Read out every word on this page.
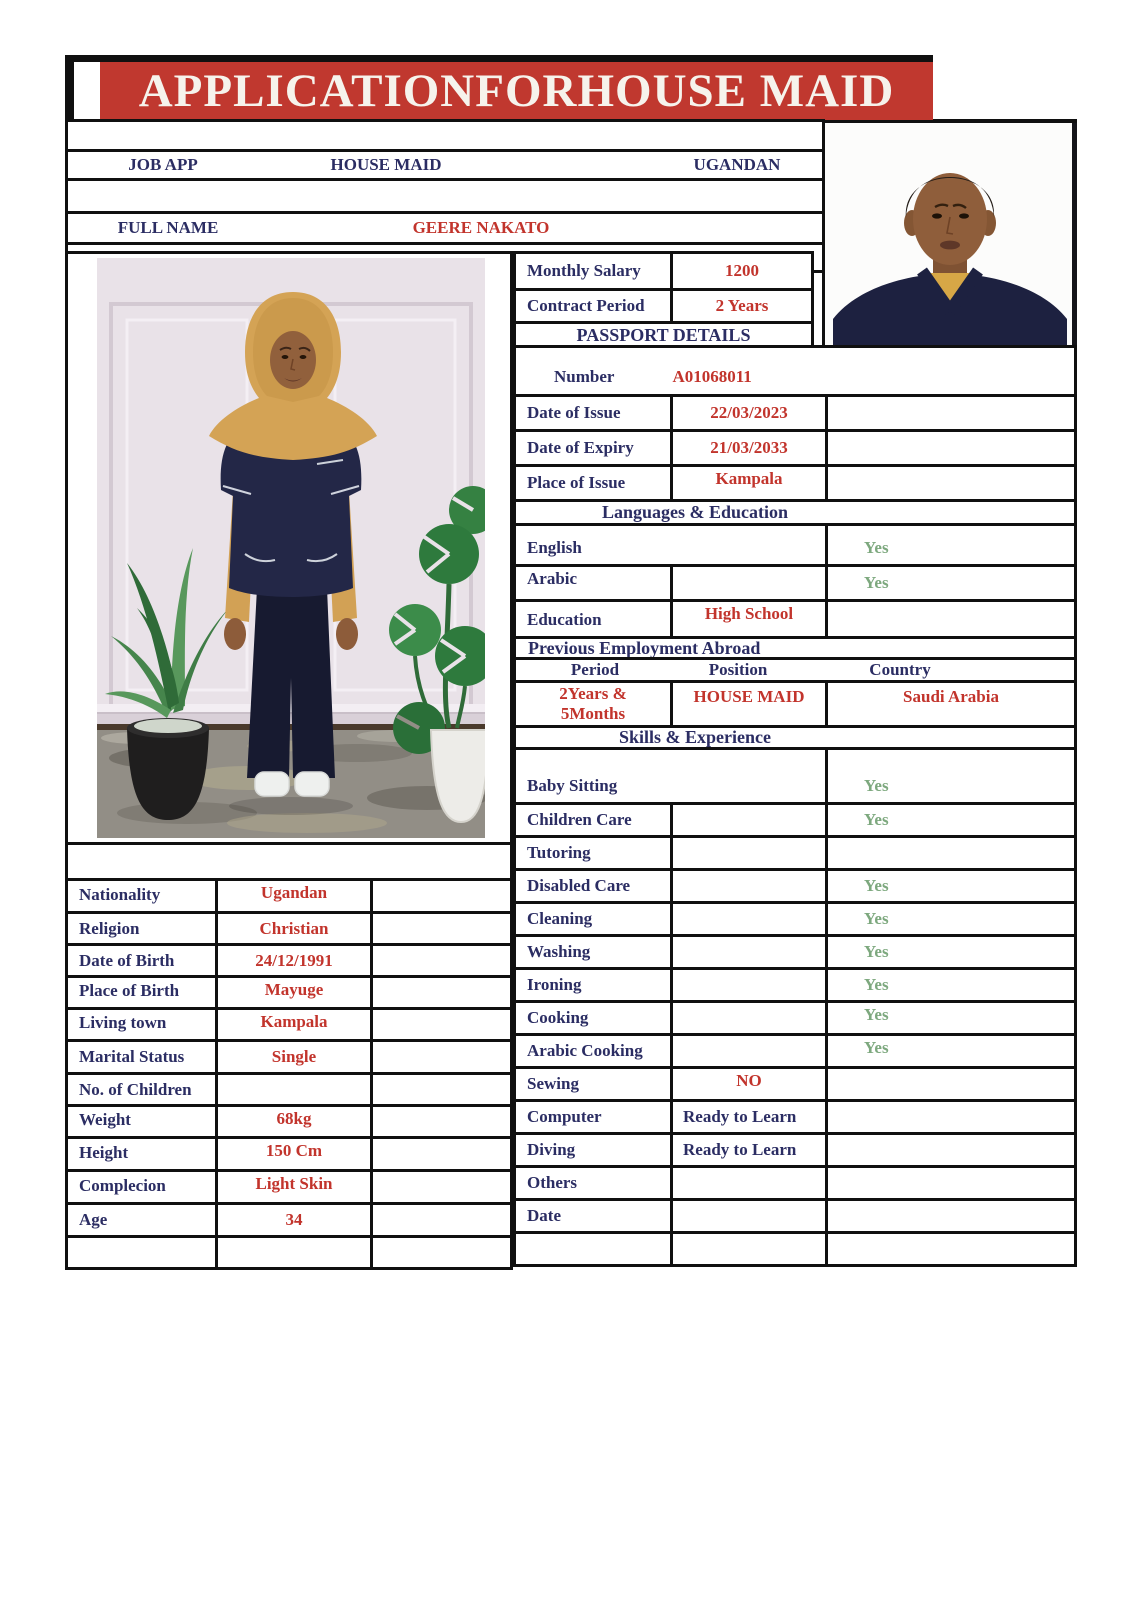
APPLICATIONFORHOUSE MAID
JOB APP	HOUSE MAID	UGANDAN
FULL NAME	GEERE NAKATO
Monthly Salary	1200
Contract Period	2 Years
PASSPORT DETAILS
Number	A01068011
Date of Issue	22/03/2023
Date of Expiry	21/03/2033
Place of Issue	Kampala
Languages & Education
English	Yes
Arabic	Yes
Education	High School
Previous Employment Abroad
Period	Position	Country
2Years &
5Months
HOUSE MAID	Saudi Arabia
Skills & Experience
Baby Sitting	Yes
Children Care	Yes
Tutoring
Disabled Care	Yes
Cleaning	Yes
Washing	Yes
Ironing	Yes
Cooking	Yes
Arabic Cooking	Yes
Sewing	NO
Computer	Ready to Learn
Diving	Ready to Learn
Others
Date
Nationality	Ugandan
Religion	Christian
Date of Birth	24/12/1991
Place of Birth	Mayuge
Living town	Kampala
Marital Status	Single
No. of Children
Weight	68kg
Height	150 Cm
Complecion	Light Skin
Age	34
